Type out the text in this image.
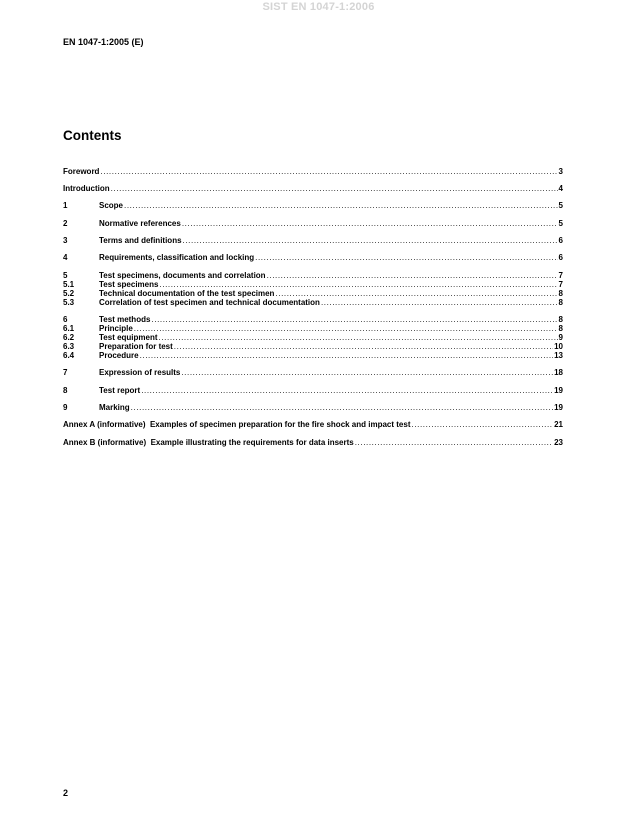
SIST EN 1047-1:2006
EN 1047-1:2005 (E)
Contents
Foreword .....	3
Introduction .....	4
1	Scope .....	5
2	Normative references .....	5
3	Terms and definitions .....	6
4	Requirements, classification and locking .....	6
5	Test specimens, documents and correlation .....	7
5.1	Test specimens .....	7
5.2	Technical documentation of the test specimen .....	8
5.3	Correlation of test specimen and technical documentation .....	8
6	Test methods .....	8
6.1	Principle .....	8
6.2	Test equipment .....	9
6.3	Preparation for test .....	10
6.4	Procedure .....	13
7	Expression of results .....	18
8	Test report .....	19
9	Marking .....	19
Annex A (informative)  Examples of specimen preparation for the fire shock and impact test .....	21
Annex B (informative)  Example illustrating the requirements for data inserts .....	23
2
